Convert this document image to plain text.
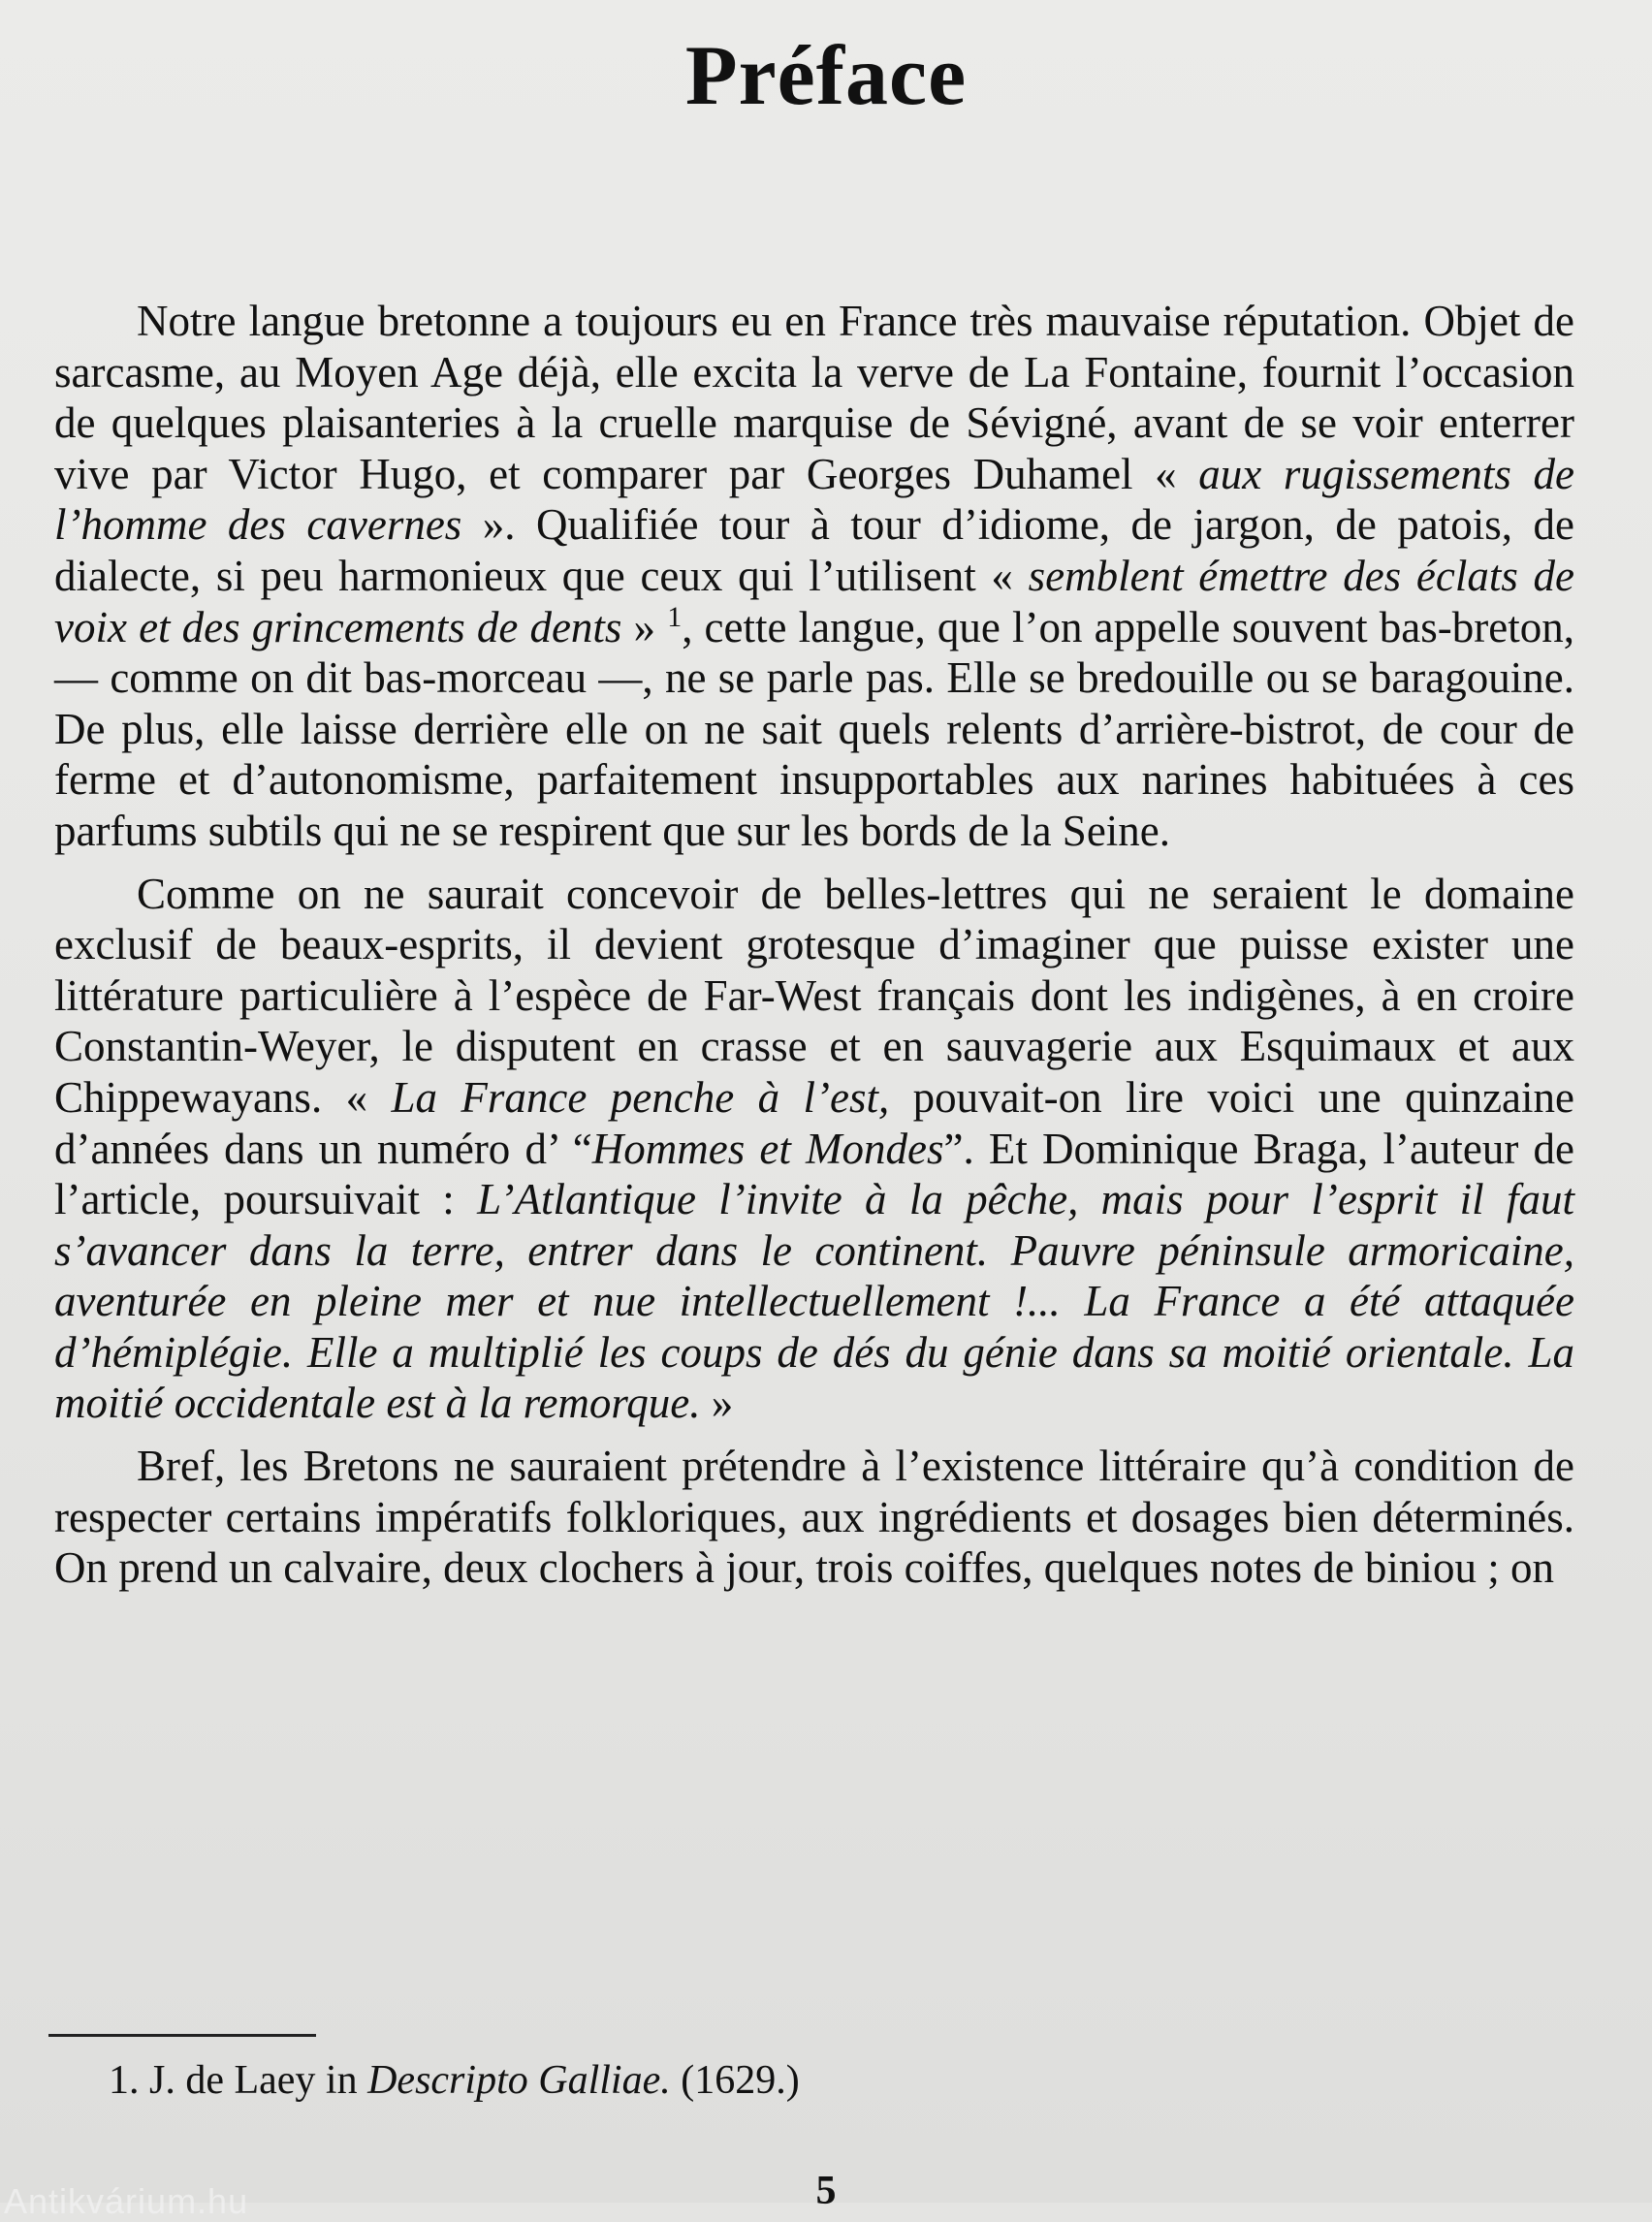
Préface

Notre langue bretonne a toujours eu en France très mauvaise réputation. Objet de sarcasme, au Moyen Age déjà, elle excita la verve de La Fontaine, fournit l’occasion de quelques plaisanteries à la cruelle marquise de Sévigné, avant de se voir enterrer vive par Victor Hugo, et comparer par Georges Duhamel « aux rugissements de l’homme des cavernes ». Qualifiée tour à tour d’idiome, de jargon, de patois, de dialecte, si peu harmonieux que ceux qui l’utilisent « semblent émettre des éclats de voix et des grincements de dents » $^1$, cette langue, que l’on appelle souvent bas-breton, — comme on dit bas-morceau —, ne se parle pas. Elle se bredouille ou se baragouine. De plus, elle laisse derrière elle on ne sait quels relents d’arrière-bistrot, de cour de ferme et d’autonomisme, parfaitement insupportables aux narines habituées à ces parfums subtils qui ne se respirent que sur les bords de la Seine.

Comme on ne saurait concevoir de belles-lettres qui ne seraient le domaine exclusif de beaux-esprits, il devient grotesque d’imaginer que puisse exister une littérature particulière à l’espèce de Far-West français dont les indigènes, à en croire Constantin-Weyer, le disputent en crasse et en sauvagerie aux Esquimaux et aux Chippewayans. « La France penche à l’est, pouvait-on lire voici une quinzaine d’années dans un numéro d’ “Hommes et Mondes”. Et Dominique Braga, l’auteur de l’article, poursuivait : L’Atlantique l’invite à la pêche, mais pour l’esprit il faut s’avancer dans la terre, entrer dans le continent. Pauvre péninsule armoricaine, aventurée en pleine mer et nue intellectuellement !... La France a été attaquée d’hémiplégie. Elle a multiplié les coups de dés du génie dans sa moitié orientale. La moitié occidentale est à la remorque. »

Bref, les Bretons ne sauraient prétendre à l’existence littéraire qu’à condition de respecter certains impératifs folkloriques, aux ingrédients et dosages bien déterminés. On prend un calvaire, deux clochers à jour, trois coiffes, quelques notes de biniou ; on

1. J. de Laey in Descripto Galliae. (1629.)
5
Antikvárium.hu
